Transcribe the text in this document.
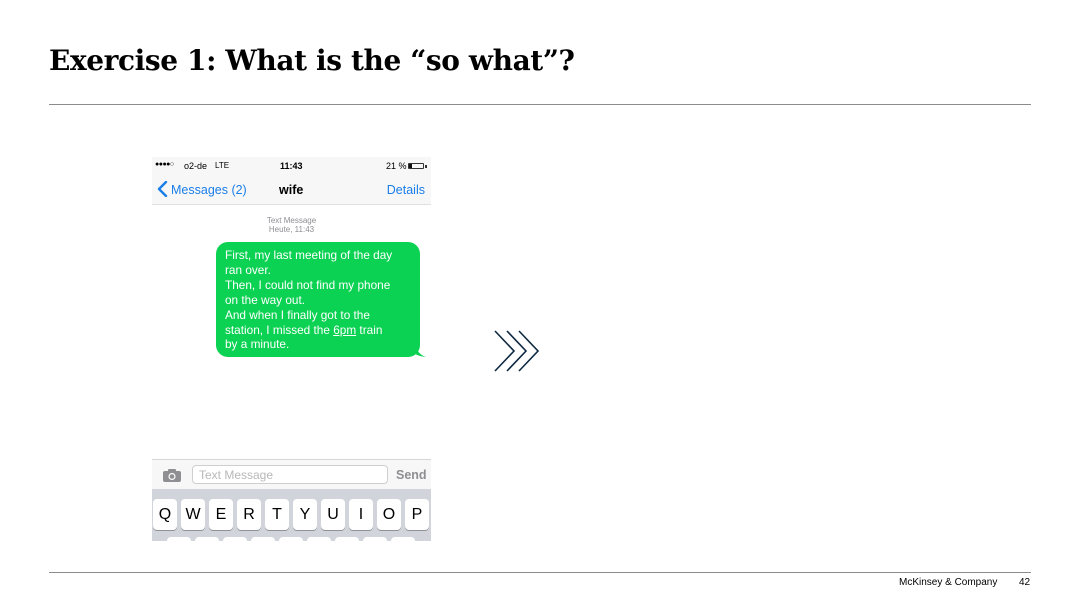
Exercise 1: What is the “so what”?
●●●●○ o2-de LTE	11:43	21 %
Messages (2)	wife	Details
Text Message
Heute, 11:43
First, my last meeting of the day
ran over.
Then, I could not find my phone
on the way out.
And when I finally got to the
station, I missed the 6pm train
by a minute.
Text Message	Send
Q W E	R	T	Y	U	I	O	P
McKinsey & Company 42
